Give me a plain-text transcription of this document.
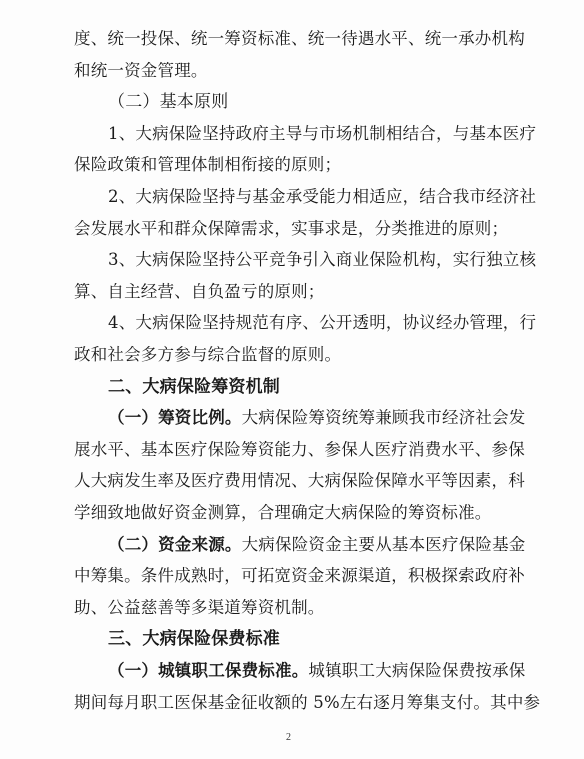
度、统一投保、统一筹资标准、统一待遇水平、统一承办机构
和统一资金管理。
（二）基本原则
1、大病保险坚持政府主导与市场机制相结合，与基本医疗
保险政策和管理体制相衔接的原则；
2、大病保险坚持与基金承受能力相适应，结合我市经济社
会发展水平和群众保障需求，实事求是，分类推进的原则；
3、大病保险坚持公平竞争引入商业保险机构，实行独立核
算、自主经营、自负盈亏的原则；
4、大病保险坚持规范有序、公开透明，协议经办管理，行
政和社会多方参与综合监督的原则。
二、大病保险筹资机制
（一）筹资比例。大病保险筹资统筹兼顾我市经济社会发
展水平、基本医疗保险筹资能力、参保人医疗消费水平、参保
人大病发生率及医疗费用情况、大病保险保障水平等因素，科
学细致地做好资金测算，合理确定大病保险的筹资标准。
（二）资金来源。大病保险资金主要从基本医疗保险基金
中筹集。条件成熟时，可拓宽资金来源渠道，积极探索政府补
助、公益慈善等多渠道筹资机制。
三、大病保险保费标准
（一）城镇职工保费标准。城镇职工大病保险保费按承保
期间每月职工医保基金征收额的 5%左右逐月筹集支付。其中参
2
